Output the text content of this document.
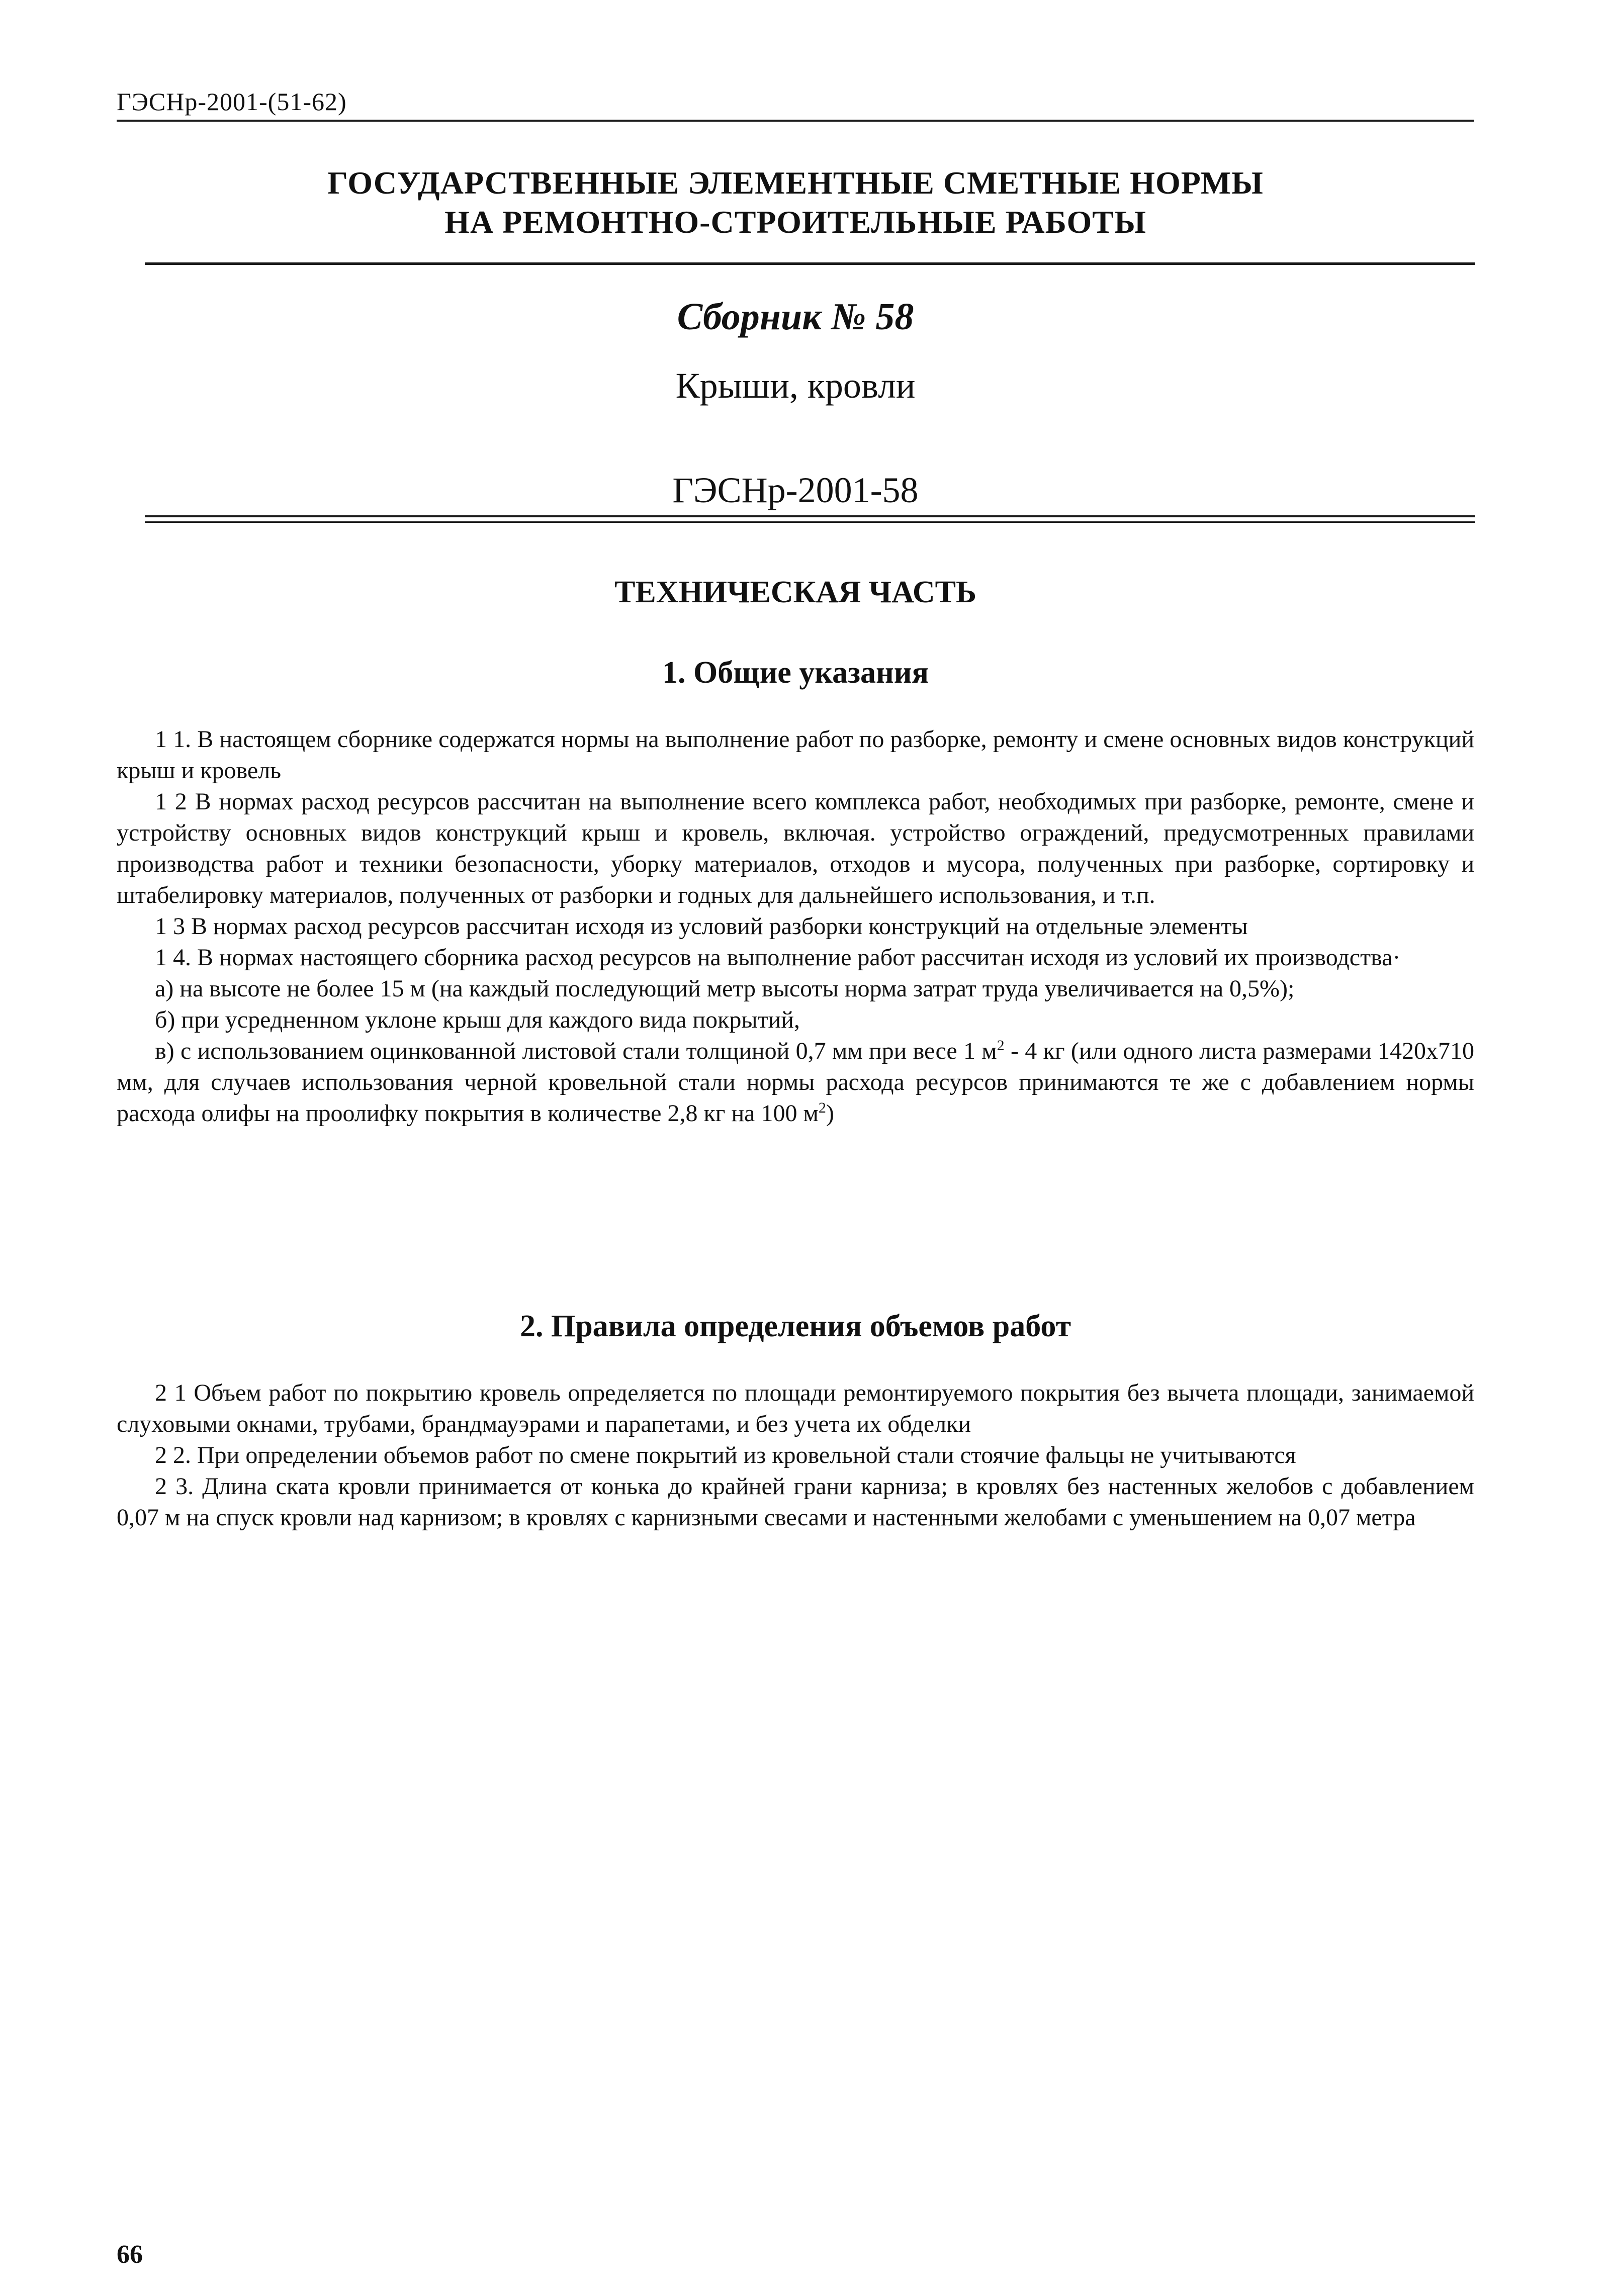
ГЭСНр-2001-(51-62)
ГОСУДАРСТВЕННЫЕ ЭЛЕМЕНТНЫЕ СМЕТНЫЕ НОРМЫ
НА РЕМОНТНО-СТРОИТЕЛЬНЫЕ РАБОТЫ
Сборник № 58
Крыши, кровли
ГЭСНр-2001-58
ТЕХНИЧЕСКАЯ ЧАСТЬ
1. Общие указания

1 1. В настоящем сборнике содержатся нормы на выполнение работ по разборке, ремонту и смене основных видов конструкций крыш и кровель

1 2 В нормах расход ресурсов рассчитан на выполнение всего комплекса работ, необходимых при разборке, ремонте, смене и устройству основных видов конструкций крыш и кровель, включая. устройство ограждений, предусмотренных правилами производства работ и техники безопасности, уборку материалов, отходов и мусора, полученных при разборке, сортировку и штабелировку материалов, полученных от разборки и годных для дальнейшего использования, и т.п.

1 3 В нормах расход ресурсов рассчитан исходя из условий разборки конструкций на отдельные элементы

1 4. В нормах настоящего сборника расход ресурсов на выполнение работ рассчитан исходя из условий их производства·

а) на высоте не более 15 м (на каждый последующий метр высоты норма затрат труда увеличивается на 0,5%);

б) при усредненном уклоне крыш для каждого вида покрытий,

в) с использованием оцинкованной листовой стали толщиной 0,7 мм при весе 1 $м^2 - 4$ кг (или одного листа размерами 1420х710 мм, для случаев использования черной кровельной стали нормы расхода ресурсов принимаются те же с добавлением нормы расхода олифы на проолифку покрытия в количестве 2,8 кг на 100 $м^2$)

2. Правила определения объемов работ

2 1 Объем работ по покрытию кровель определяется по площади ремонтируемого покрытия без вычета площади, занимаемой слуховыми окнами, трубами, брандмауэрами и парапетами, и без учета их обделки

2 2. При определении объемов работ по смене покрытий из кровельной стали стоячие фальцы не учитываются

2 3. Длина ската кровли принимается от конька до крайней грани карниза; в кровлях без настенных желобов с добавлением 0,07 м на спуск кровли над карнизом; в кровлях с карнизными свесами и настенными желобами с уменьшением на 0,07 метра

66
